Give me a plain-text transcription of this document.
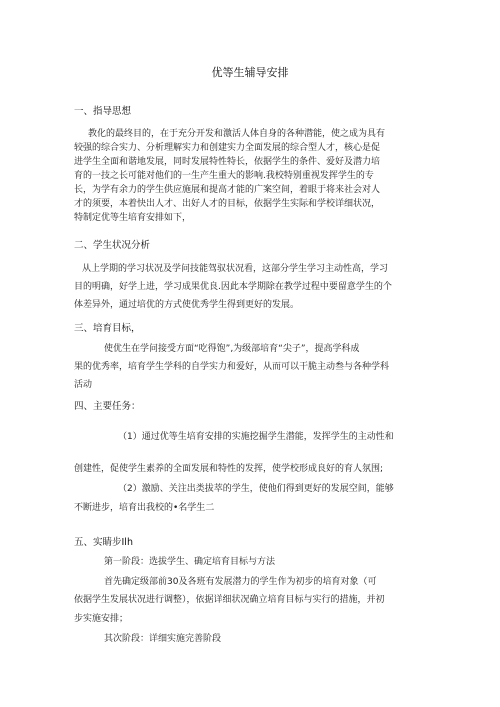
优等生辅导安排
一、指导思想
教化的最终目的，在于充分开发和激活人体自身的各种潜能，使之成为具有
较强的综合实力、分析理解实力和创建实力全面发展的综合型人才，核心是促
进学生全面和谐地发展，同时发展特性特长，依据学生的条件、爱好及潜力培
育的一技之长可能对他们的一生产生重大的影响.我校特别重视发挥学生的专
长，为学有余力的学生供应施展和提高才能的广案空间，着眼于将来社会对人
才的须要，本着快出人才、出好人才的目标，依据学生实际和学校详细状况，
特制定优等生培育安排如下，
二、学生状况分析
从上学期的学习状况及学问技能驾驭状况看，这部分学生学习主动性高，学习
目的明确，好学上进，学习成果优良.因此本学期除在教学过程中要留意学生的个
体差异外，通过培优的方式使优秀学生得到更好的发展。
三、培育目标，
使优生在学问接受方面“吃得饱”,为级部培育“尖子”，提高学科成
果的优秀率，培育学生学科的自学实力和爱好，从而可以干脆主动叁与各种学科
活动
四、主要任务：
（1）通过优等生培育安排的实施挖掘学生潜能，发挥学生的主动性和
创建性，促使学生素养的全面发展和特性的发挥，使学校形成良好的育人氛围;
（2）激励、关注出类拔萃的学生，使他们得到更好的发展空间，能够
不断进步，培育出我校的•名学生二
五、实睛步Ilh
第一阶段：选拔学生、确定培育目标与方法
首先确定级部前30及各班有发展潜力的学生作为初步的培育对象（可
依据学生发展状况进行调整），依据详细状况确立培育目标与实行的措施，并初
步实施安排；
其次阶段：详细实施完善阶段
